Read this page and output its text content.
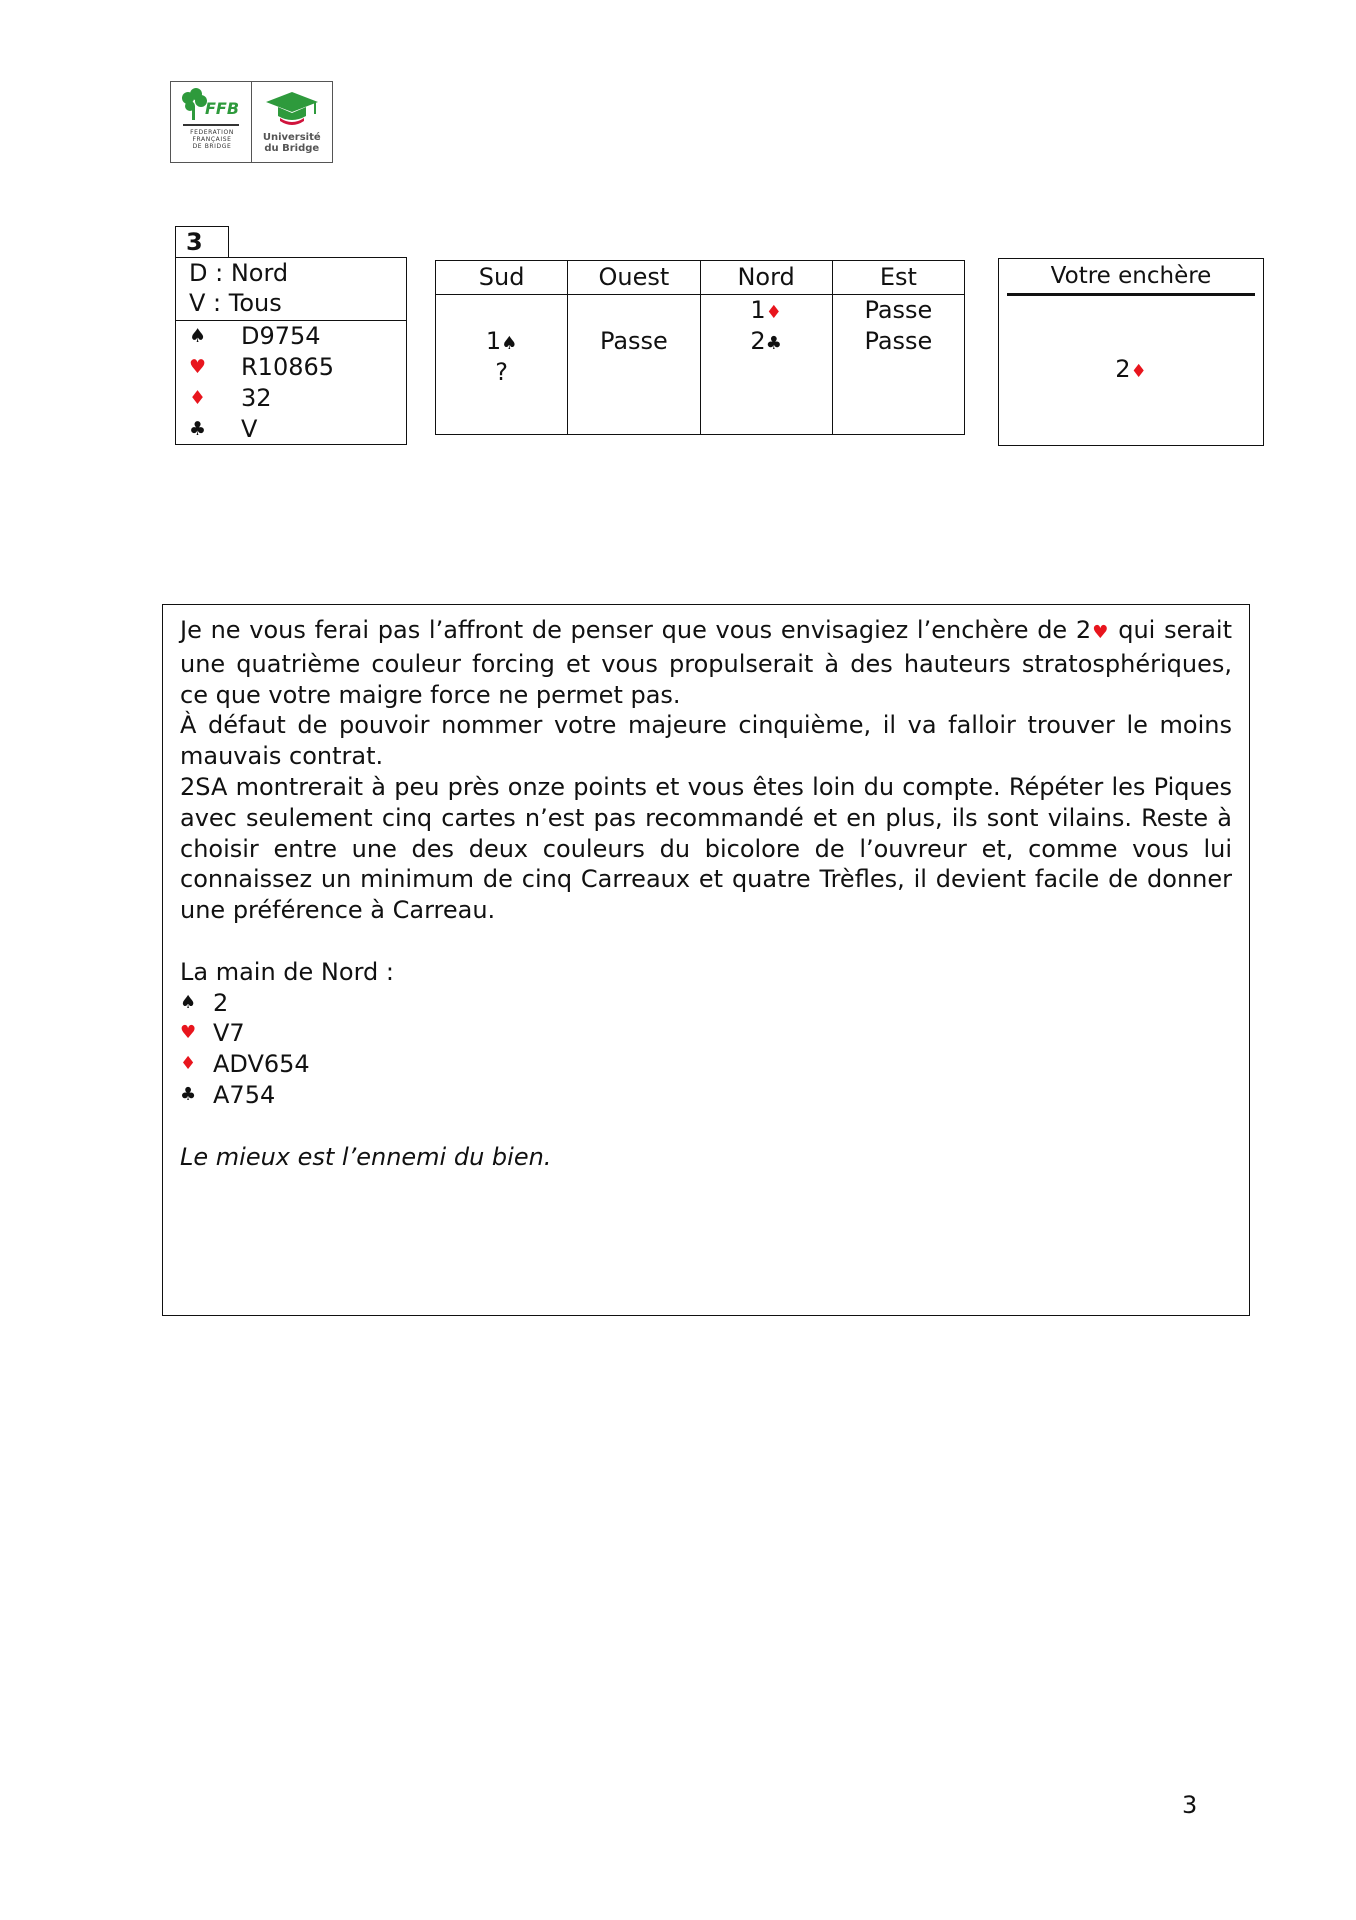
FFB
FEDERATION
FRANÇAISE
DE BRIDGE
Université
du Bridge
3
D : Nord
V : Tous
♠ D9754
♥ R10865
♦ 32
♣ V
Sud
1♠
?
Ouest
Passe
Nord
1♦
2♣
Est
Passe
Passe
Votre enchère
2♦

Je ne vous ferai pas l’affront de penser que vous envisagiez l’enchère de 2♥ qui serait une quatrième couleur forcing et vous propulserait à des hauteurs stratosphériques, ce que votre maigre force ne permet pas.

À défaut de pouvoir nommer votre majeure cinquième, il va falloir trouver le moins mauvais contrat.

2SA montrerait à peu près onze points et vous êtes loin du compte. Répéter les Piques avec seulement cinq cartes n’est pas recommandé et en plus, ils sont vilains. Reste à choisir entre une des deux couleurs du bicolore de l’ouvreur et, comme vous lui connaissez un minimum de cinq Carreaux et quatre Trèfles, il devient facile de donner une préférence à Carreau.

La main de Nord :
♠ 2
♥ V7
♦ ADV654
♣ A754
Le mieux est l’ennemi du bien.
3
